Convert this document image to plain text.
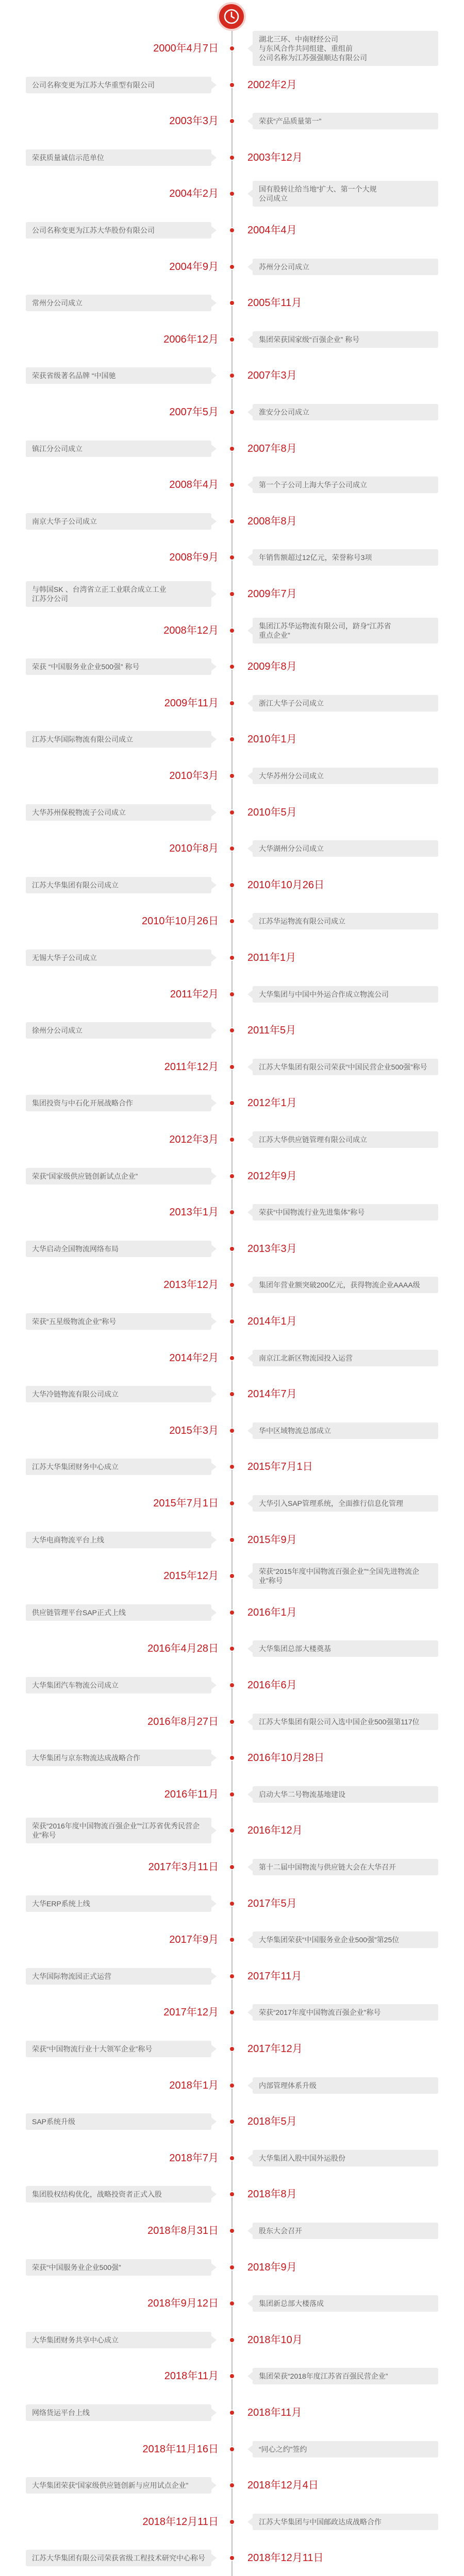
2000年4月7日
湖北三环、中南财经公司
与东风合作共同组建、重组前
公司名称为江苏强强顺达有限公司
2002年2月
公司名称变更为江苏大华重型有限公司
2003年3月	荣获“产品质量第一”
2003年12月
荣获质量诚信示范单位
2004年2月	国有股转让给当地“扩大、第一个大规
公司成立
2004年4月
公司名称变更为江苏大华股份有限公司
2004年9月	苏州分公司成立
2005年11月
常州分公司成立
2006年12月	集团荣获国家级“百强企业” 称号
2007年3月
荣获省级著名品牌 “中国驰
2007年5月	淮安分公司成立
2007年8月
镇江分公司成立
2008年4月	第一个子公司上海大华子公司成立
2008年8月
南京大华子公司成立
2008年9月	年销售额超过12亿元，荣誉称号3项
2009年7月
与韩国SK 、台湾省立正工业联合成立工业
江苏分公司
2008年12月	集团江苏华运物流有限公司，跻身“江苏省
重点企业”
2009年8月
荣获 “中国服务业企业500强” 称号
2009年11月	浙江大华子公司成立
2010年1月
江苏大华国际物流有限公司成立
2010年3月	大华苏州分公司成立
2010年5月
大华苏州保税物流子公司成立
2010年8月	大华湖州分公司成立
2010年10月26日
江苏大华集团有限公司成立
2010年10月26日	江苏华运物流有限公司成立
2011年1月
无锡大华子公司成立
2011年2月	大华集团与中国中外运合作成立物流公司
2011年5月
徐州分公司成立
2011年12月	江苏大华集团有限公司荣获“中国民营企业500强”称号
2012年1月
集团投资与中石化开展战略合作
2012年3月	江苏大华供应链管理有限公司成立
2012年9月
荣获“国家级供应链创新试点企业”
2013年1月	荣获“中国物流行业先进集体”称号
2013年3月
大华启动全国物流网络布局
2013年12月	集团年营业额突破200亿元，获得物流企业AAAA级
2014年1月
荣获“五星级物流企业”称号
2014年2月	南京江北新区物流园投入运营
2014年7月
大华冷链物流有限公司成立
2015年3月	华中区域物流总部成立
2015年7月1日
江苏大华集团财务中心成立
2015年7月1日	大华引入SAP管理系统，全面推行信息化管理
2015年9月
大华电商物流平台上线
2015年12月	荣获“2015年度中国物流百强企业”“全国先进物流企业”称号
2016年1月
供应链管理平台SAP正式上线
2016年4月28日	大华集团总部大楼奠基
2016年6月
大华集团汽车物流公司成立
2016年8月27日	江苏大华集团有限公司入选中国企业500强第117位
2016年10月28日
大华集团与京东物流达成战略合作
2016年11月	启动大华二号物流基地建设
2016年12月
荣获“2016年度中国物流百强企业”“江苏省优秀民营企业”称号
2017年3月11日	第十二届中国物流与供应链大会在大华召开
2017年5月
大华ERP系统上线
2017年9月	大华集团荣获“中国服务业企业500强”第25位
2017年11月
大华国际物流园正式运营
2017年12月	荣获“2017年度中国物流百强企业”称号
2017年12月
荣获“中国物流行业十大领军企业”称号
2018年1月	内部管理体系升级
2018年5月
SAP系统升级
2018年7月	大华集团入股中国外运股份
2018年8月
集团股权结构优化，战略投资者正式入股
2018年8月31日	股东大会召开
2018年9月
荣获“中国服务业企业500强”
2018年9月12日	集团新总部大楼落成
2018年10月
大华集团财务共享中心成立
2018年11月	集团荣获“2018年度江苏省百强民营企业”
2018年11月
网络货运平台上线
2018年11月16日	“同心之约”签约
2018年12月4日
大华集团荣获“国家级供应链创新与应用试点企业”
2018年12月11日	江苏大华集团与中国邮政达成战略合作
2018年12月11日
江苏大华集团有限公司荣获省级工程技术研究中心称号
